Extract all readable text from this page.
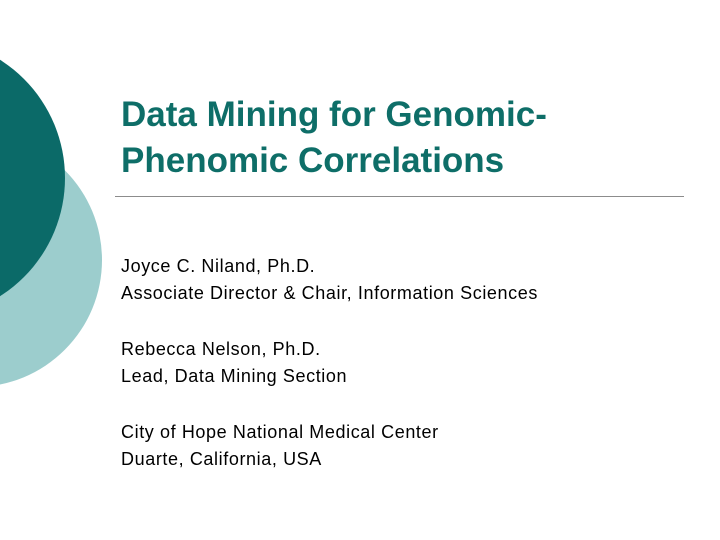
Data Mining for Genomic-
Phenomic Correlations
Joyce C. Niland, Ph.D.
Associate Director & Chair, Information Sciences
Rebecca Nelson, Ph.D.
Lead, Data Mining Section
City of Hope National Medical Center
Duarte, California, USA
